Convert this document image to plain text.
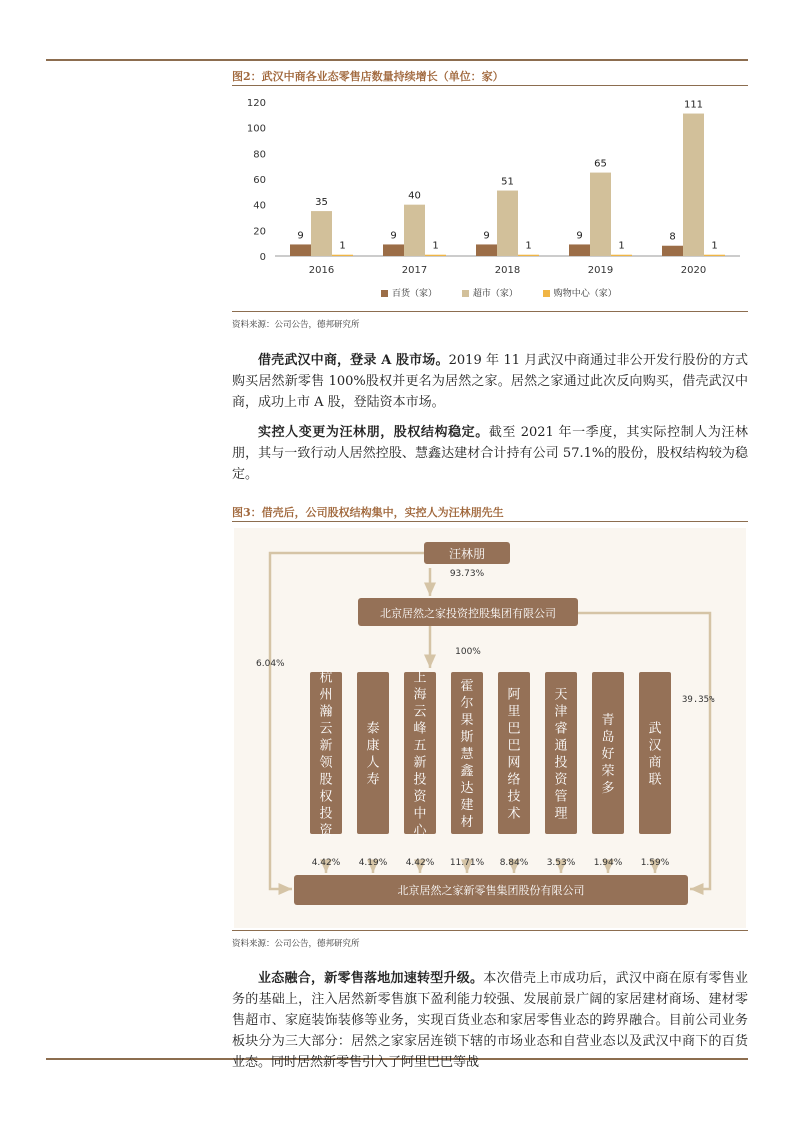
图2：武汉中商各业态零售店数量持续增长（单位：家）
0
20
40
60
80
100
120
9
35
1
2016
9
40
1
2017
9
51
1
2018
9
65
1
2019
8
111
1
2020
百货（家）	超市（家）	购物中心（家）
资料来源：公司公告，德邦研究所

借壳武汉中商，登录 A 股市场。2019 年 11 月武汉中商通过非公开发行股份的方式购买居然新零售 100%股权并更名为居然之家。居然之家通过此次反向购买，借壳武汉中商，成功上市 A 股，登陆资本市场。

实控人变更为汪林朋，股权结构稳定。截至 2021 年一季度，其实际控制人为汪林朋，其与一致行动人居然控股、慧鑫达建材合计持有公司 57.1%的股份，股权结构较为稳定。

图3：借壳后，公司股权结构集中，实控人为汪林朋先生
汪林朋
93.73%
北京居然之家投资控股集团有限公司
100%
6.04%
39.35%
杭州瀚云新领股权投资
4.42%
泰康人寿
4.19%
上海云峰五新投资中心
4.42%
霍尔果斯慧鑫达建材
11.71%
阿里巴巴网络技术
8.84%
天津睿通投资管理
3.53%
青岛好荣多
1.94%
武汉商联
1.59%
北京居然之家新零售集团股份有限公司
资料来源：公司公告，德邦研究所

业态融合，新零售落地加速转型升级。本次借壳上市成功后，武汉中商在原有零售业务的基础上，注入居然新零售旗下盈利能力较强、发展前景广阔的家居建材商场、建材零售超市、家庭装饰装修等业务，实现百货业态和家居零售业态的跨界融合。目前公司业务板块分为三大部分：居然之家家居连锁下辖的市场业态和自营业态以及武汉中商下的百货业态。同时居然新零售引入了阿里巴巴等战
